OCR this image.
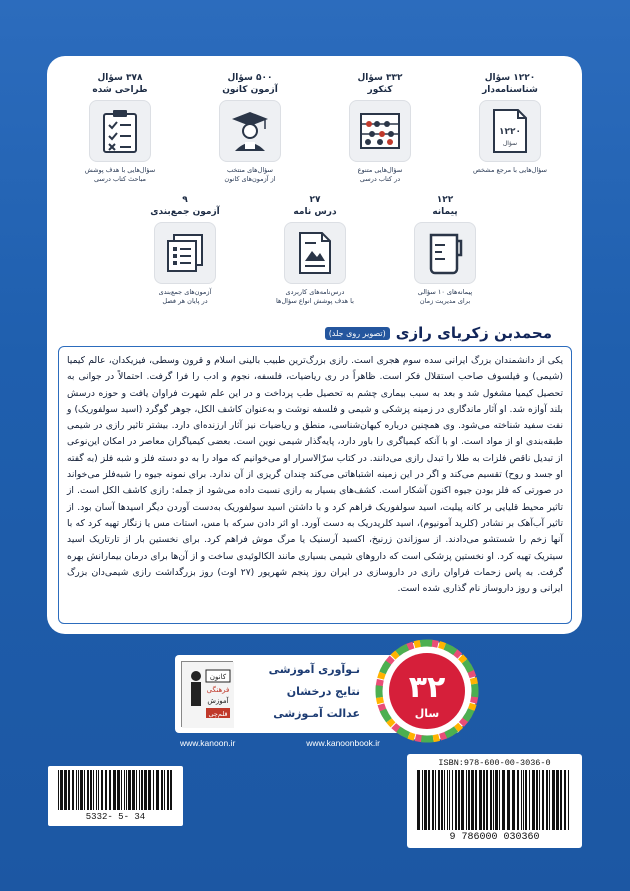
۱۲۲۰ سؤال
شناسنامه‌دار
۱۲۲۰
سؤال
سؤال‌هایی با مرجع مشخص
۳۳۲ سؤال
کنکور
سؤال‌هایی متنوع
در کتاب درسی
۵۰۰ سؤال
آزمون کانون
سؤال‌های منتخب
از آزمون‌های کانون
۳۷۸ سؤال
طراحی شده
سؤال‌هایی با هدف پوشش
مباحث کتاب درسی
۱۲۲
پیمانه
پیمانه‌های ۱۰ سؤالی
برای مدیریت زمان
۲۷
درس نامه
درس‌نامه‌های کاربردی
با هدف پوشش انواع سؤال‌ها
۹
آزمون جمع‌بندی
آزمون‌های جمع‌بندی
در پایان هر فصل
محمدبن زکریای رازی
(تصویر روی جلد)

یکی از دانشمندان بزرگ ایرانی سده سوم هجری است. رازی بزرگ‌ترین طبیب بالینی اسلام و قرون وسطی، فیزیکدان، عالم کیمیا (شیمی) و فیلسوف صاحب استقلال فکر است. ظاهراً در ری ریاضیات، فلسفه، نجوم و ادب را فرا گرفت. احتمالاً در جوانی به تحصیل کیمیا مشغول شد و بعد به سبب بیماری چشم به تحصیل طب پرداخت و در این علم شهرت فراوان یافت و حوزه درسش بلند آوازه شد. او آثار ماندگاری در زمینه پزشکی و شیمی و فلسفه نوشت و به‌عنوان کاشف الکل، جوهر گوگرد (اسید سولفوریک) و نفت سفید شناخته می‌شود. وی همچنین درباره کیهان‌شناسی، منطق و ریاضیات نیز آثار ارزنده‌ای دارد. بیشتر تاثیر رازی در شیمی طبقه‌بندی او از مواد است. او با آنکه کیمیاگری را باور دارد، پایه‌گذار شیمی نوین است. بعضی کیمیاگران معاصر در امکان این‌نوعی از تبدیل ناقص فلزات به طلا را تبدل رازی می‌دانند. در کتاب سرّالاسرار او می‌خوانیم که مواد را به دو دسته فلز و شبه فلز (به گفته او جسد و روح) تقسیم می‌کند و اگر در این زمینه اشتباهاتی می‌کند چندان گریزی از آن ندارد. برای نمونه جیوه را شبه‌فلز می‌خواند در صورتی که فلز بودن جیوه اکنون آشکار است. کشف‌های بسیار به رازی نسبت داده می‌شود از جمله: رازی کاشف الکل است. از تاثیر محیط قلیایی بر کانه پیلیت، اسید سولفوریک فراهم کرد و با داشتن اسید سولفوریک به‌دست آوردن دیگر اسیدها آسان بود. از تاثیر آب‌آهک بر نشادر (کلرید آمونیوم)، اسید کلریدریک به دست آورد. او اثر دادن سرکه با مس، استات مس یا زنگار تهیه کرد که با آنها زخم را شستشو می‌دادند. از سوزاندن زرنیخ، اکسید آرسنیک یا مرگ موش فراهم کرد. برای نخستین بار از تارتاریک اسید سیتریک تهیه کرد. او نخستین پزشکی است که داروهای شیمی بسیاری مانند الکالوئیدی ساخت و از آن‌ها برای درمان بیمارانش بهره گرفت. به پاس زحمات فراوان رازی در داروسازی در ایران روز پنجم شهریور (۲۷ اوت) روز بزرگداشت رازی شیمی‌دان بزرگ ایرانی و روز داروساز نام گذاری شده است.

کانون
فرهنگی
آموزش
قلم‌چی
نـوآوری آموزشی
نتایج درخشان
عدالت آمـوزشی
۳۲
سال
www.kanoon.ir	www.kanoonbook.ir
5332- 5- 34
ISBN:978-600-00-3036-0
9 786000 030360
